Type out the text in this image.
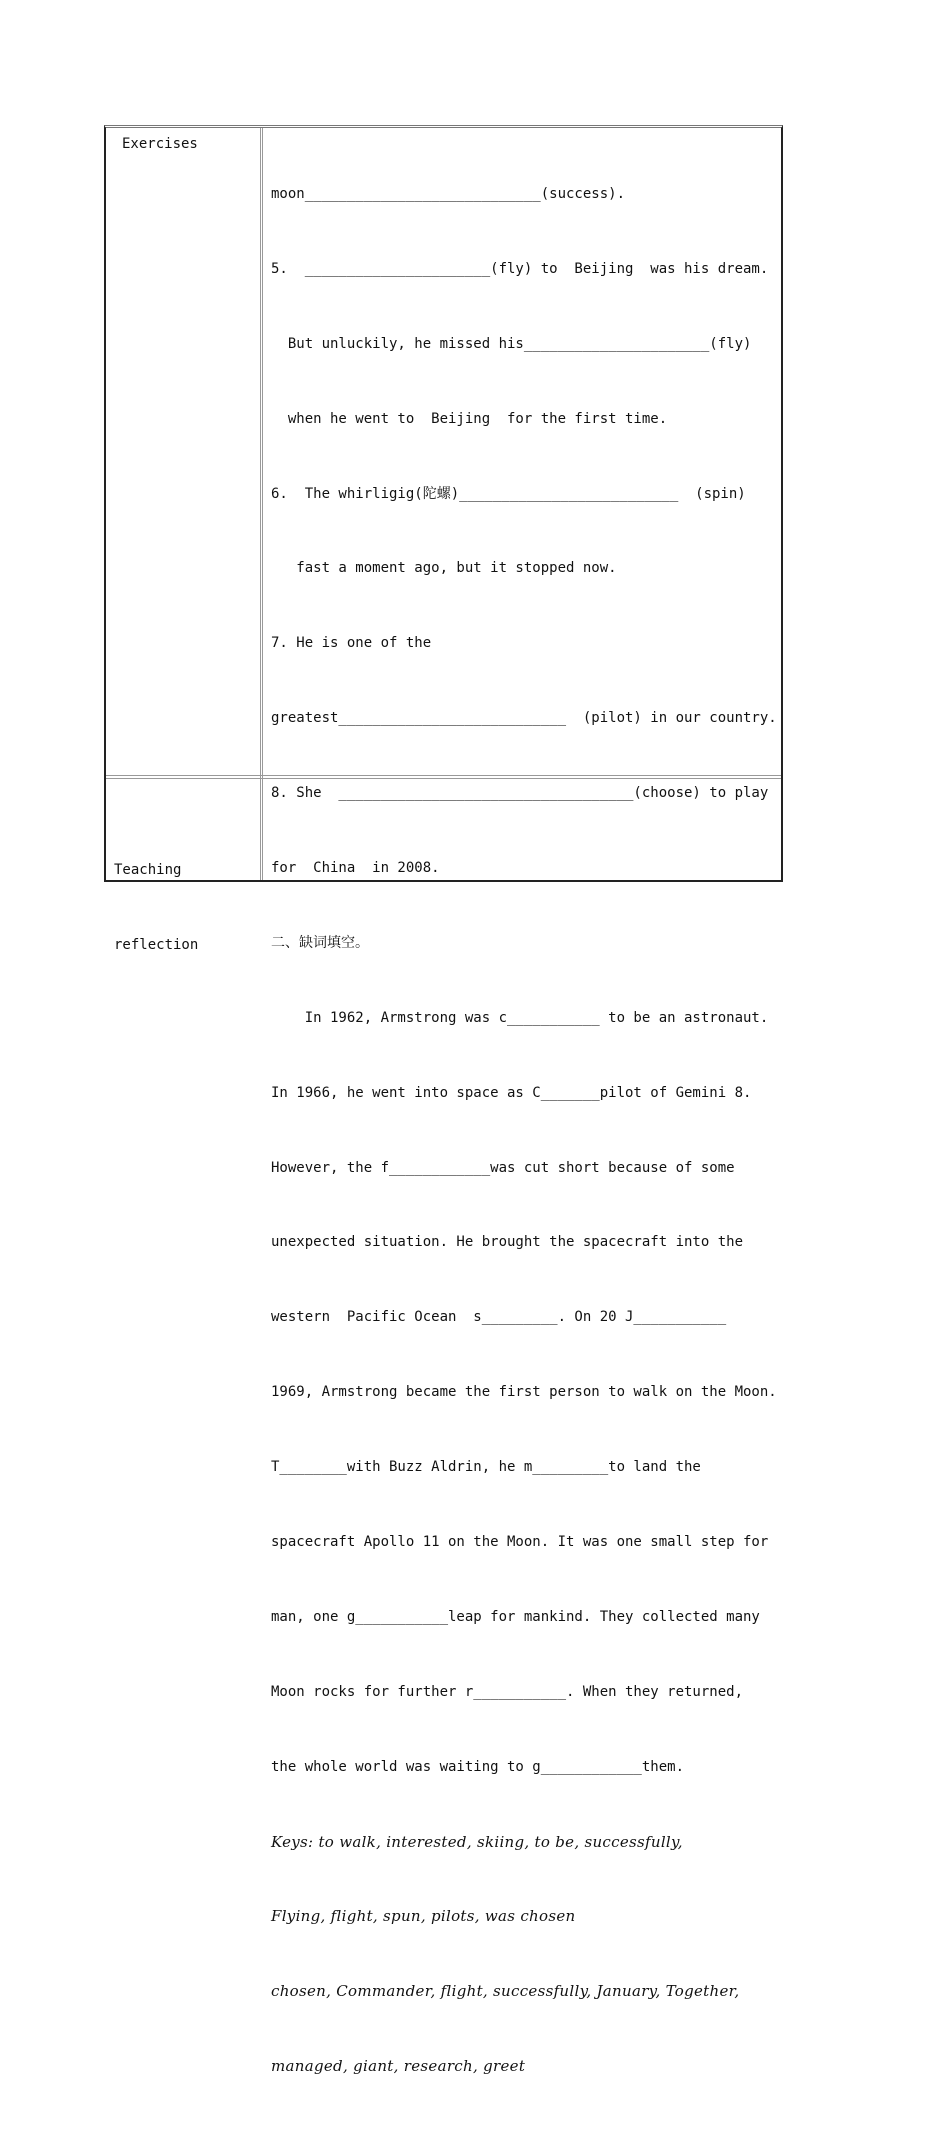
Exercises

moon____________________________(success).

5.  ______________________(fly) to  Beijing  was his dream.

But unluckily, he missed his______________________(fly)

when he went to  Beijing  for the first time.

6.  The whirligig(陀螺)__________________________  (spin)

fast a moment ago, but it stopped now.

7. He is one of the

greatest___________________________  (pilot) in our country.

8. She  ___________________________________(choose) to play

for  China  in 2008.

二、缺词填空。

In 1962, Armstrong was c___________ to be an astronaut.

In 1966, he went into space as C_______pilot of Gemini 8.

However, the f____________was cut short because of some

unexpected situation. He brought the spacecraft into the

western  Pacific Ocean  s_________. On 20 J___________

1969, Armstrong became the first person to walk on the Moon.

T________with Buzz Aldrin, he m_________to land the

spacecraft Apollo 11 on the Moon. It was one small step for

man, one g___________leap for mankind. They collected many

Moon rocks for further r___________. When they returned,

the whole world was waiting to g____________them.

Keys: to walk, interested, skiing, to be, successfully,

Flying, flight, spun, pilots, was chosen

chosen, Commander, flight, successfully, January, Together,

managed, giant, research, greet

Teaching

reflection
